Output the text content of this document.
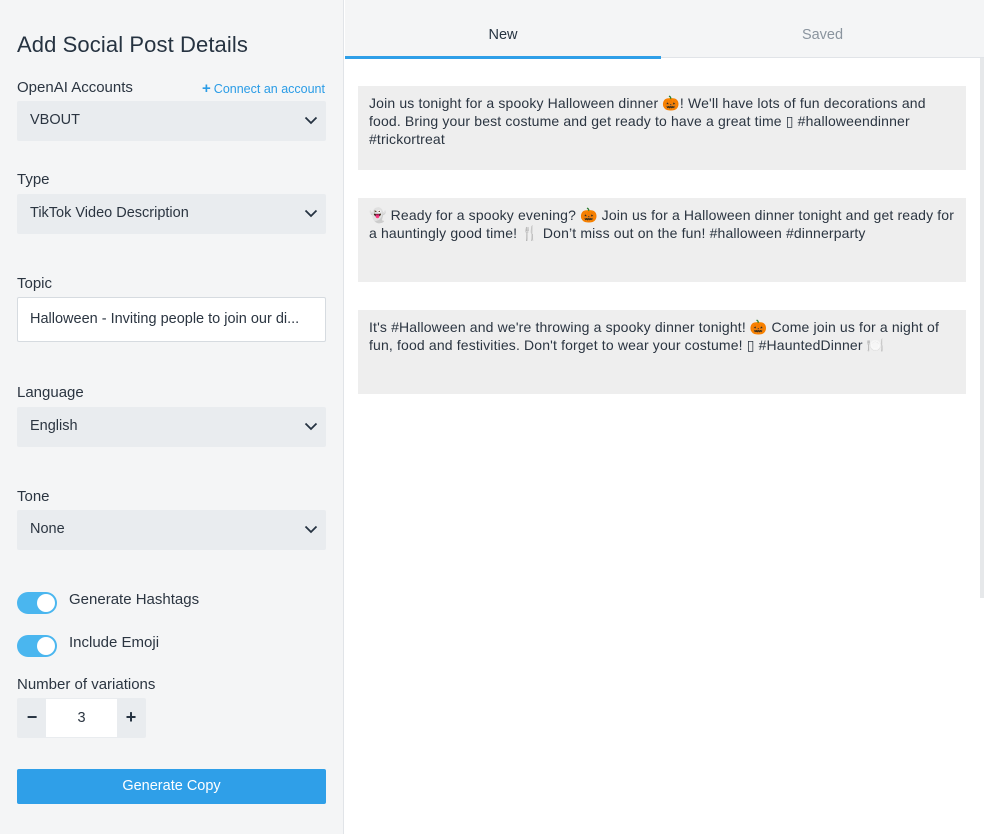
Add Social Post Details
OpenAI Accounts	+ Connect an account
VBOUT
Type
TikTok Video Description
Topic
Halloween - Inviting people to join our di...
Language
English
Tone
None
Generate Hashtags
Include Emoji
Number of variations
−	3	+
Generate Copy
New	Saved
Join us tonight for a spooky Halloween dinner 🎃! We'll have lots of fun decorations and food. Bring your best costume and get ready to have a great time ▯ #halloweendinner #trickortreat
👻 Ready for a spooky evening? 🎃 Join us for a Halloween dinner tonight and get ready for a hauntingly good time! 🍴 Don’t miss out on the fun! #halloween #dinnerparty
It's #Halloween and we're throwing a spooky dinner tonight! 🎃 Come join us for a night of fun, food and festivities. Don't forget to wear your costume! ▯ #HauntedDinner 🍽️
